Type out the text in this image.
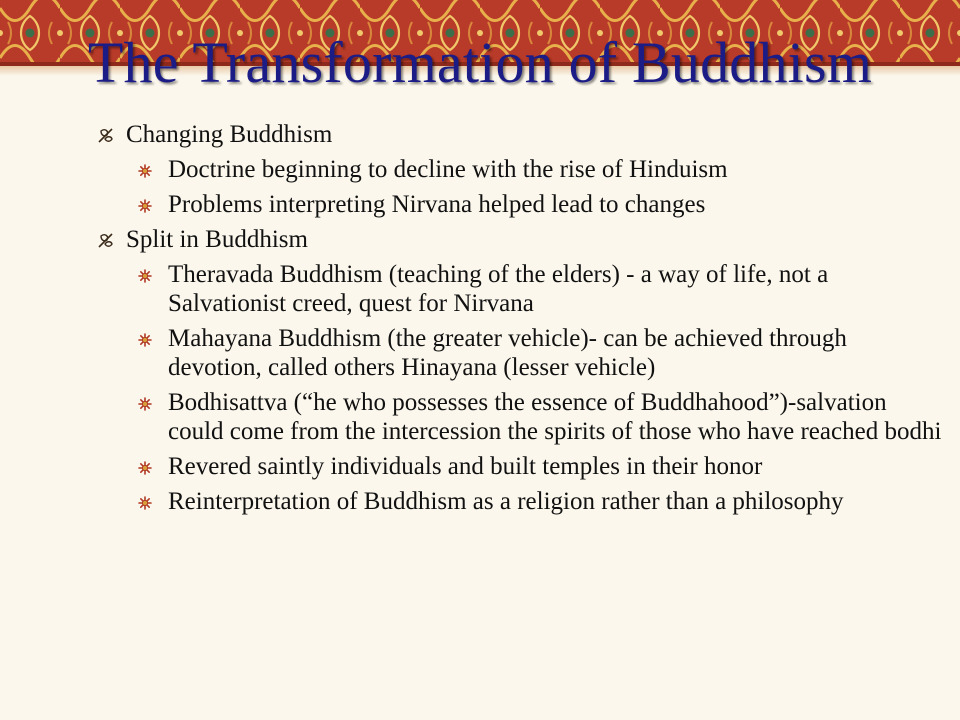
The Transformation of Buddhism
Changing Buddhism
Doctrine beginning to decline with the rise of Hinduism
Problems interpreting Nirvana helped lead to changes
Split in Buddhism
Theravada Buddhism (teaching of the elders) - a way of life, not a Salvationist creed, quest for Nirvana
Mahayana Buddhism (the greater vehicle)- can be achieved through devotion, called others Hinayana (lesser vehicle)
Bodhisattva (“he who possesses the essence of Buddhahood”)-salvation could come from the intercession the spirits of those who have reached bodhi
Revered saintly individuals and built temples in their honor
Reinterpretation of Buddhism as a religion rather than a philosophy
